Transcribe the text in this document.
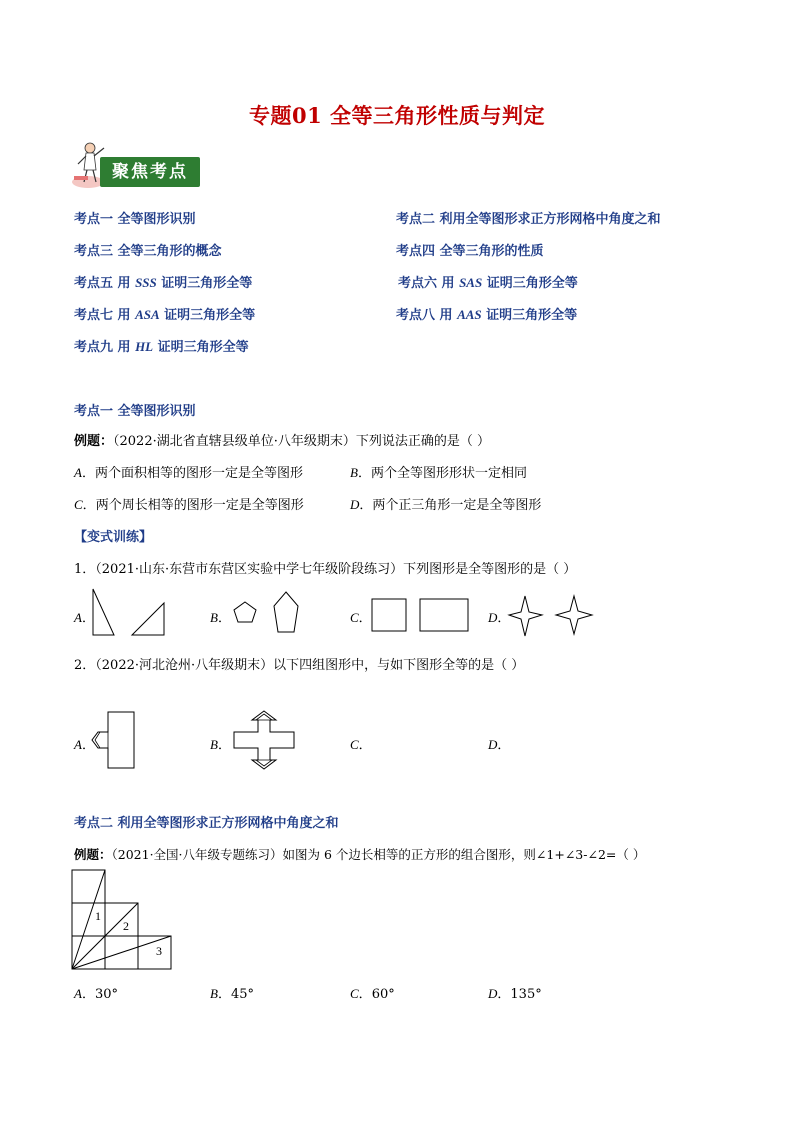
专题01 全等三角形性质与判定
聚焦考点
考点一 全等图形识别	考点二 利用全等图形求正方形网格中角度之和
考点三 全等三角形的概念	考点四 全等三角形的性质
考点五 用 SSS 证明三角形全等	考点六 用 SAS 证明三角形全等
考点七 用 ASA 证明三角形全等	考点八 用 AAS 证明三角形全等
考点九 用 HL 证明三角形全等
考点一 全等图形识别
例题：（2022·湖北省直辖县级单位·八年级期末）下列说法正确的是（ ）
A．两个面积相等的图形一定是全等图形	B．两个全等图形形状一定相同
C．两个周长相等的图形一定是全等图形	D．两个正三角形一定是全等图形
【变式训练】
1．（2021·山东·东营市东营区实验中学七年级阶段练习）下列图形是全等图形的是（ ）
A．	B．	C．	D．
2．（2022·河北沧州·八年级期末）以下四组图形中，与如下图形全等的是（ ）
A．	B．	C．	D．
考点二 利用全等图形求正方形网格中角度之和
例题：（2021·全国·八年级专题练习）如图为 6 个边长相等的正方形的组合图形，则∠1+∠3-∠2=（ ）
1
2
3
A．30°	B．45°	C．60°	D．135°
